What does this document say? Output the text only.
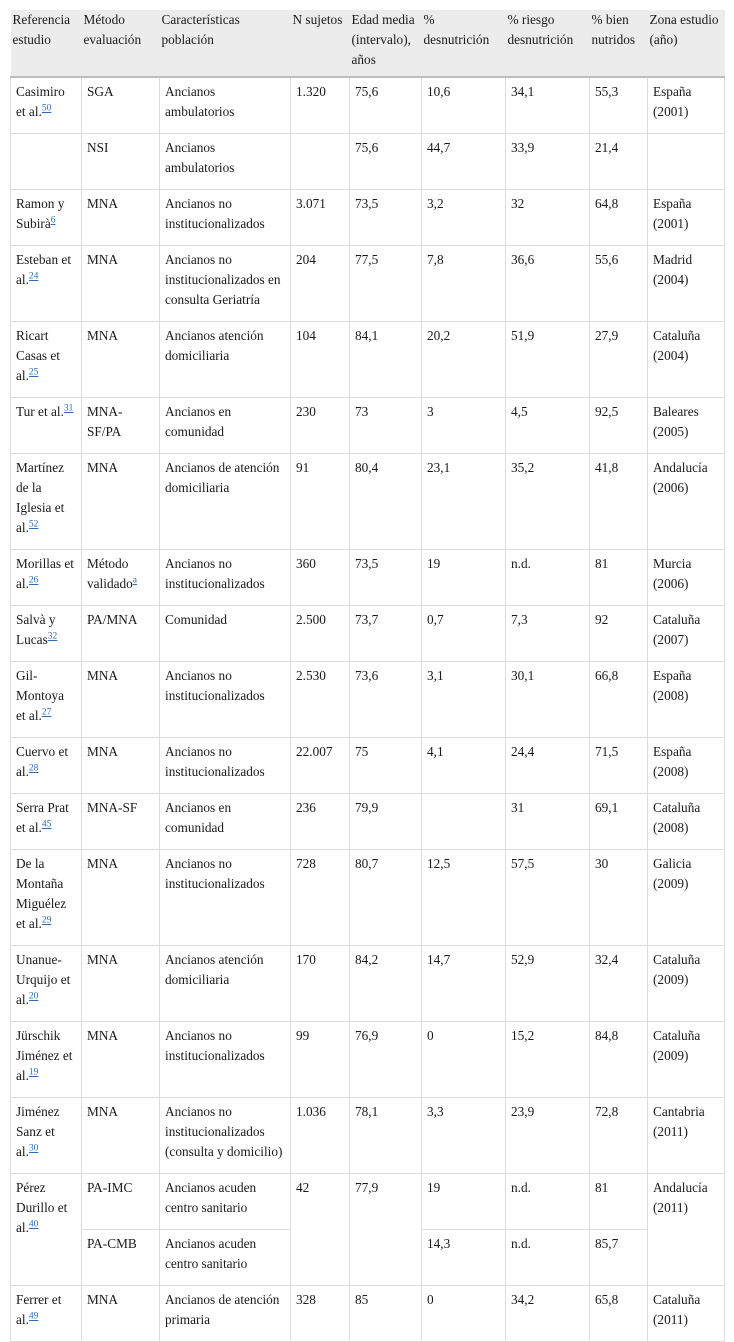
Referencia estudio	Método evaluación	Características población	N sujetos	Edad media (intervalo), años	% desnutrición	% riesgo desnutrición	% bien nutridos	Zona estudio (año)
Casimiro et al.$^{50}$	SGA	Ancianos ambulatorios	1.320	75,6	10,6	34,1	55,3	España (2001)
	NSI	Ancianos ambulatorios		75,6	44,7	33,9	21,4	
Ramon y Subirà$^6$	MNA	Ancianos no institucionalizados	3.071	73,5	3,2	32	64,8	España (2001)
Esteban et al.$^{24}$	MNA	Ancianos no institucionalizados en consulta Geriatría	204	77,5	7,8	36,6	55,6	Madrid (2004)
Ricart Casas et al.$^{25}$	MNA	Ancianos atención domiciliaria	104	84,1	20,2	51,9	27,9	Cataluña (2004)
Tur et al.$^{31}$	MNA-SF/PA	Ancianos en comunidad	230	73	3	4,5	92,5	Baleares (2005)
Martínez de la Iglesia et al.$^{52}$	MNA	Ancianos de atención domiciliaria	91	80,4	23,1	35,2	41,8	Andalucía (2006)
Morillas et al.$^{26}$	Método validado$^a$	Ancianos no institucionalizados	360	73,5	19	n.d.	81	Murcia (2006)
Salvà y Lucas$^{32}$	PA/MNA	Comunidad	2.500	73,7	0,7	7,3	92	Cataluña (2007)
Gil-Montoya et al.$^{27}$	MNA	Ancianos no institucionalizados	2.530	73,6	3,1	30,1	66,8	España (2008)
Cuervo et al.$^{28}$	MNA	Ancianos no institucionalizados	22.007	75	4,1	24,4	71,5	España (2008)
Serra Prat et al.$^{45}$	MNA-SF	Ancianos en comunidad	236	79,9		31	69,1	Cataluña (2008)
De la Montaña Miguélez et al.$^{29}$	MNA	Ancianos no institucionalizados	728	80,7	12,5	57,5	30	Galicia (2009)
Unanue-Urquijo et al.$^{20}$	MNA	Ancianos atención domiciliaria	170	84,2	14,7	52,9	32,4	Cataluña (2009)
Jürschik Jiménez et al.$^{19}$	MNA	Ancianos no institucionalizados	99	76,9	0	15,2	84,8	Cataluña (2009)
Jiménez Sanz et al.$^{30}$	MNA	Ancianos no institucionalizados (consulta y domicilio)	1.036	78,1	3,3	23,9	72,8	Cantabria (2011)
Pérez Durillo et al.$^{40}$	PA-IMC	Ancianos acuden centro sanitario	42	77,9	19	n.d.	81	Andalucía (2011)
	PA-CMB	Ancianos acuden centro sanitario			14,3	n.d.	85,7	
Ferrer et al.$^{49}$	MNA	Ancianos de atención primaria	328	85	0	34,2	65,8	Cataluña (2011)
